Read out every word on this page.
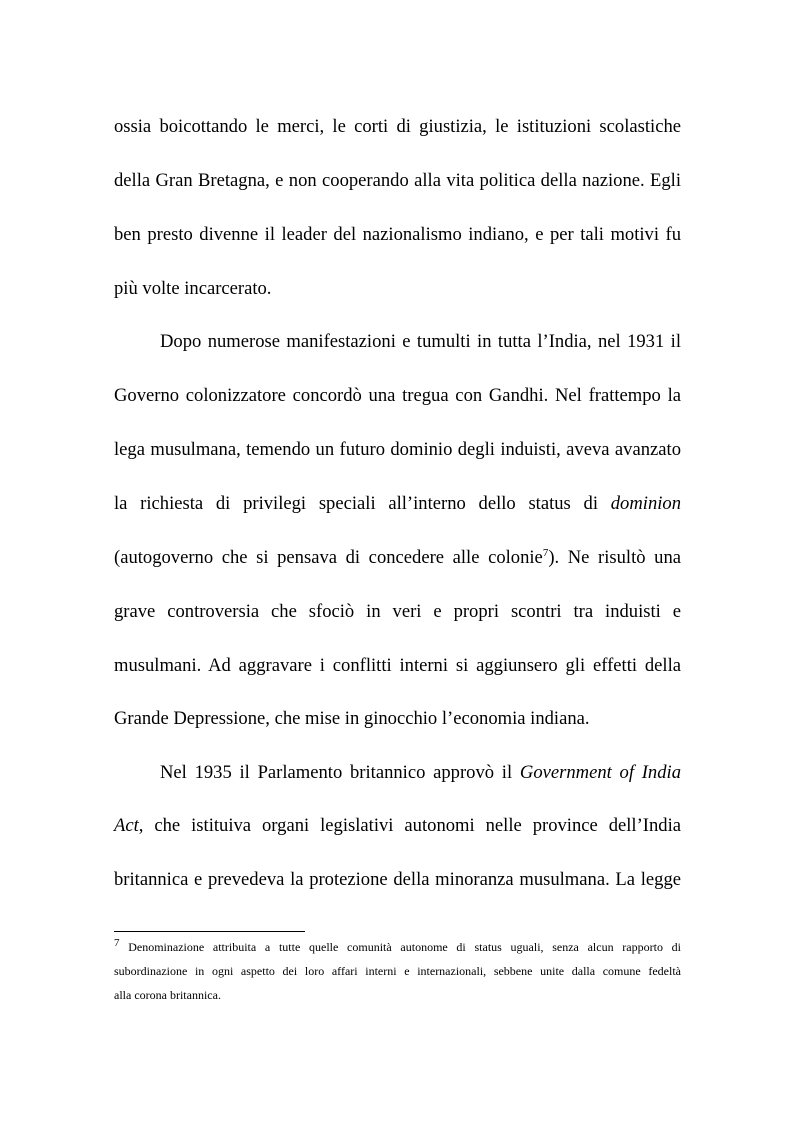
ossia boicottando le merci, le corti di giustizia, le istituzioni scolastiche
della Gran Bretagna, e non cooperando alla vita politica della nazione. Egli
ben presto divenne il leader del nazionalismo indiano, e per tali motivi fu
più volte incarcerato.
Dopo numerose manifestazioni e tumulti in tutta l’India, nel 1931 il
Governo colonizzatore concordò una tregua con Gandhi. Nel frattempo la
lega musulmana, temendo un futuro dominio degli induisti, aveva avanzato
la richiesta di privilegi speciali all’interno dello status di dominion
(autogoverno che si pensava di concedere alle colonie$^7$). Ne risultò una
grave controversia che sfociò in veri e propri scontri tra induisti e
musulmani. Ad aggravare i conflitti interni si aggiunsero gli effetti della
Grande Depressione, che mise in ginocchio l’economia indiana.
Nel 1935 il Parlamento britannico approvò il Government of India
Act, che istituiva organi legislativi autonomi nelle province dell’India
britannica e prevedeva la protezione della minoranza musulmana. La legge
$^7$ Denominazione attribuita a tutte quelle comunità autonome di status uguali, senza alcun rapporto di
subordinazione in ogni aspetto dei loro affari interni e internazionali, sebbene unite dalla comune fedeltà
alla corona britannica.
